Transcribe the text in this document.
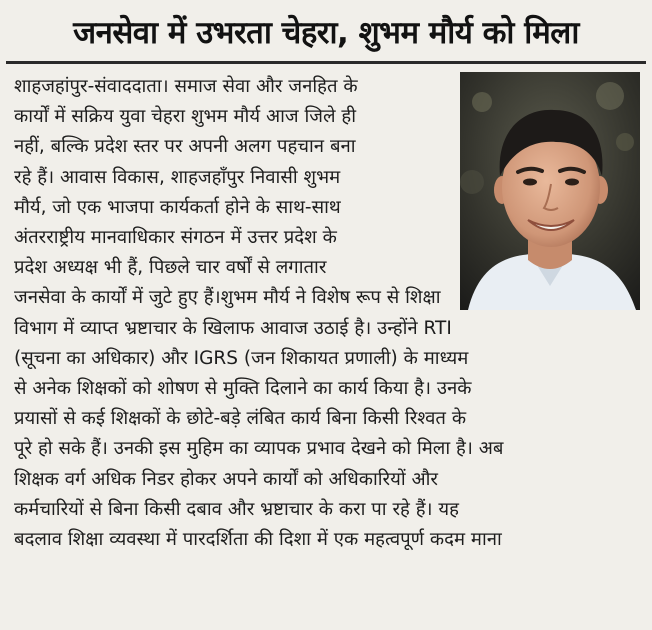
जनसेवा में उभरता चेहरा, शुभम मौर्य को मिला
शाहजहांपुर-संवाददाता। समाज सेवा और जनहित के
कार्यों में सक्रिय युवा चेहरा शुभम मौर्य आज जिले ही
नहीं, बल्कि प्रदेश स्तर पर अपनी अलग पहचान बना
रहे हैं। आवास विकास, शाहजहाँपुर निवासी शुभम
मौर्य, जो एक भाजपा कार्यकर्ता होने के साथ-साथ
अंतरराष्ट्रीय मानवाधिकार संगठन में उत्तर प्रदेश के
प्रदेश अध्यक्ष भी हैं, पिछले चार वर्षों से लगातार
जनसेवा के कार्यों में जुटे हुए हैं।शुभम मौर्य ने विशेष रूप से शिक्षा
विभाग में व्याप्त भ्रष्टाचार के खिलाफ आवाज उठाई है। उन्होंने RTI
(सूचना का अधिकार) और IGRS (जन शिकायत प्रणाली) के माध्यम
से अनेक शिक्षकों को शोषण से मुक्ति दिलाने का कार्य किया है। उनके
प्रयासों से कई शिक्षकों के छोटे-बड़े लंबित कार्य बिना किसी रिश्वत के
पूरे हो सके हैं। उनकी इस मुहिम का व्यापक प्रभाव देखने को मिला है। अब
शिक्षक वर्ग अधिक निडर होकर अपने कार्यों को अधिकारियों और
कर्मचारियों से बिना किसी दबाव और भ्रष्टाचार के करा पा रहे हैं। यह
बदलाव शिक्षा व्यवस्था में पारदर्शिता की दिशा में एक महत्वपूर्ण कदम माना
